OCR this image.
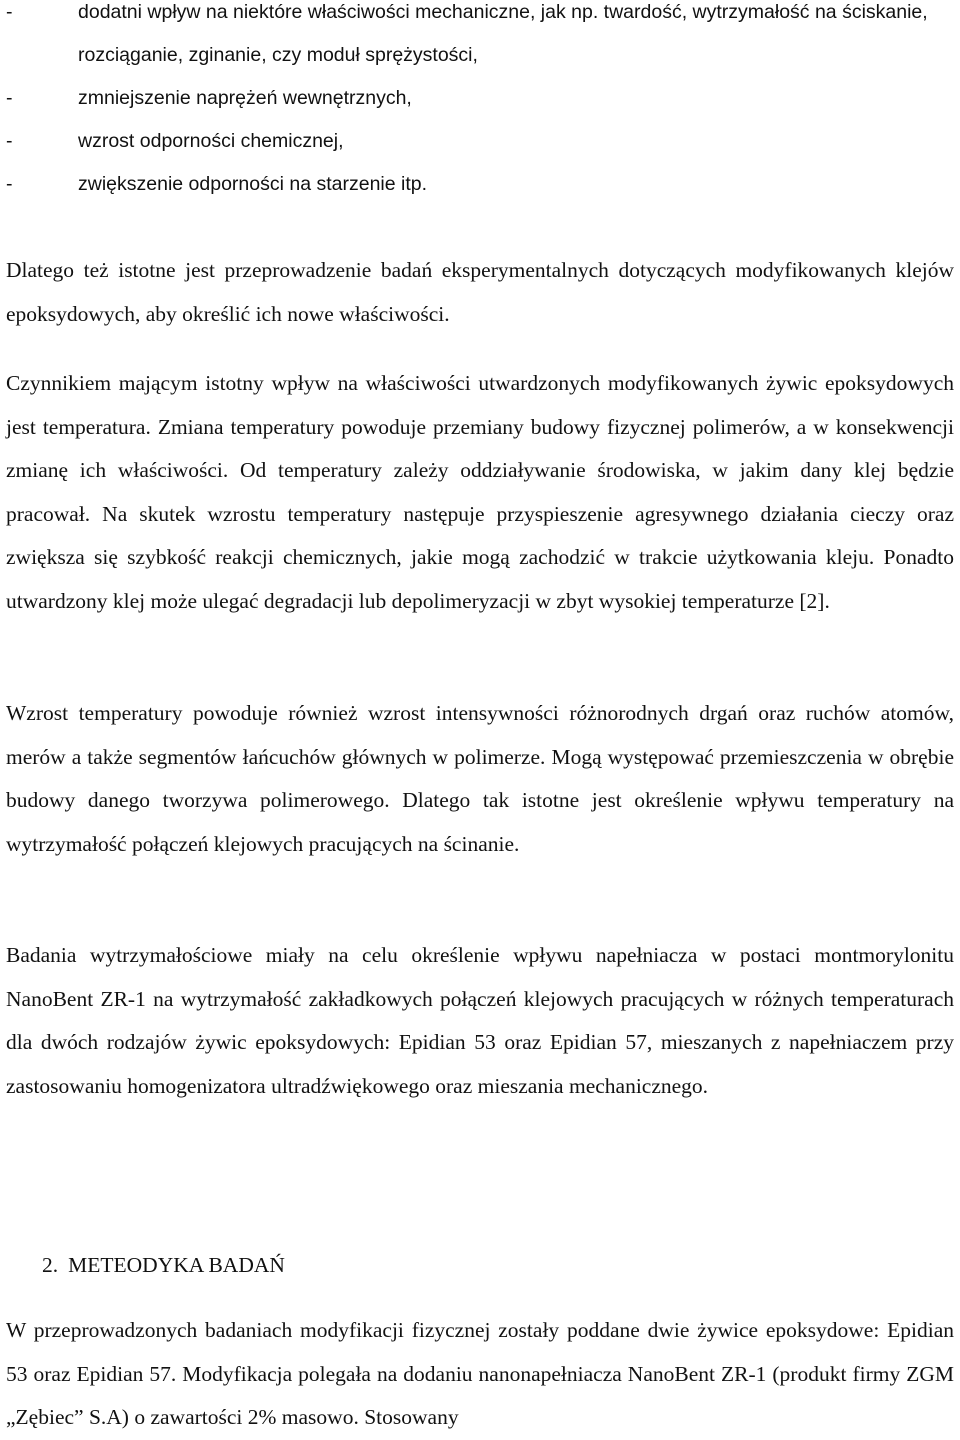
-	dodatni wpływ na niektóre właściwości mechaniczne, jak np. twardość, wytrzymałość na ściskanie, rozciąganie, zginanie, czy moduł sprężystości,
-	zmniejszenie naprężeń wewnętrznych,
-	wzrost odporności chemicznej,
-	zwiększenie odporności na starzenie itp.

Dlatego też istotne jest przeprowadzenie badań eksperymentalnych dotyczących modyfikowanych klejów epoksydowych, aby określić ich nowe właściwości.

Czynnikiem mającym istotny wpływ na właściwości utwardzonych modyfikowanych żywic epoksydowych jest temperatura. Zmiana temperatury powoduje przemiany budowy fizycznej polimerów, a w konsekwencji zmianę ich właściwości. Od temperatury zależy oddziaływanie środowiska, w jakim dany klej będzie pracował. Na skutek wzrostu temperatury następuje przyspieszenie agresywnego działania cieczy oraz zwiększa się szybkość reakcji chemicznych, jakie mogą zachodzić w trakcie użytkowania kleju. Ponadto utwardzony klej może ulegać degradacji lub depolimeryzacji w zbyt wysokiej temperaturze [2].

Wzrost temperatury powoduje również wzrost intensywności różnorodnych drgań oraz ruchów atomów, merów a także segmentów łańcuchów głównych w polimerze. Mogą występować przemieszczenia w obrębie budowy danego tworzywa polimerowego. Dlatego tak istotne jest określenie wpływu temperatury na wytrzymałość połączeń klejowych pracujących na ścinanie.

Badania wytrzymałościowe miały na celu określenie wpływu napełniacza w postaci montmorylonitu NanoBent ZR-1 na wytrzymałość zakładkowych połączeń klejowych pracujących w różnych temperaturach dla dwóch rodzajów żywic epoksydowych: Epidian 53 oraz Epidian 57, mieszanych z napełniaczem przy zastosowaniu homogenizatora ultradźwiękowego oraz mieszania mechanicznego.

2. METEODYKA BADAŃ

W przeprowadzonych badaniach modyfikacji fizycznej zostały poddane dwie żywice epoksydowe: Epidian 53 oraz Epidian 57. Modyfikacja polegała na dodaniu nanonapełniacza NanoBent ZR-1 (produkt firmy ZGM „Zębiec” S.A) o zawartości 2% masowo. Stosowany
